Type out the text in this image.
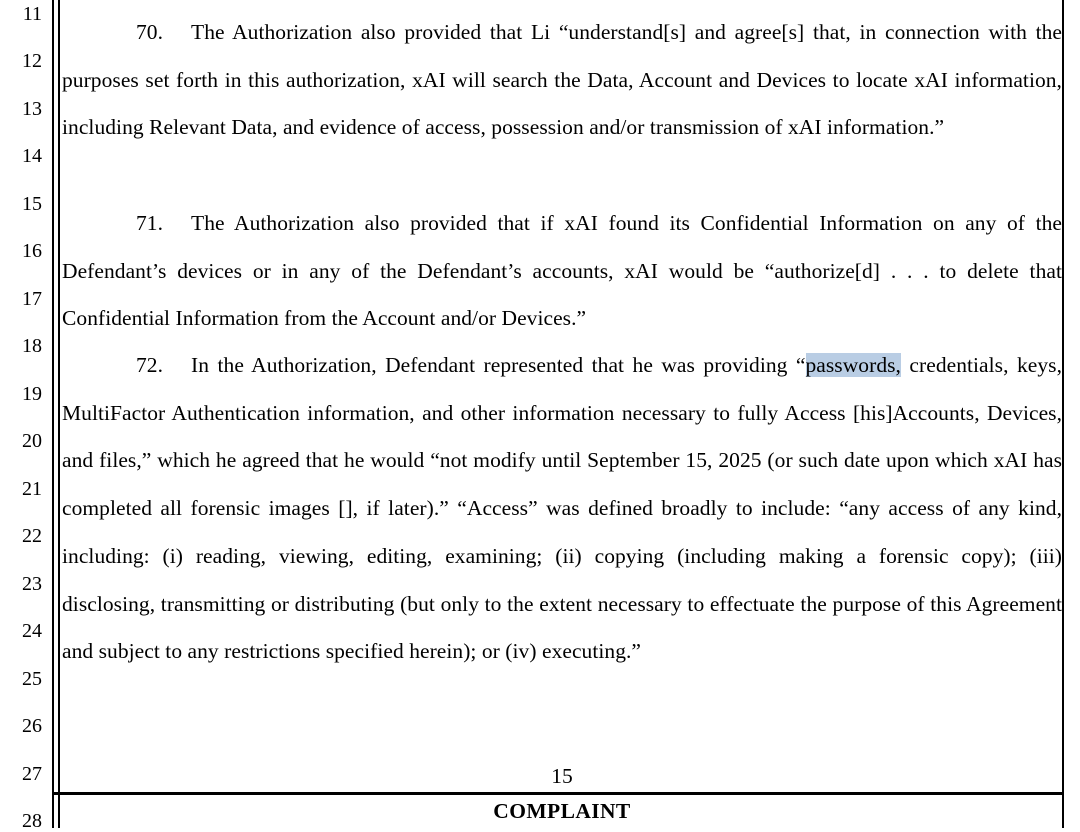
11
12
13
14
15
16
17
18
19
20
21
22
23
24
25
26
27
28

70. The Authorization also provided that Li “understand[s] and agree[s] that, in connection with the purposes set forth in this authorization, xAI will search the Data, Account and Devices to locate xAI information, including Relevant Data, and evidence of access, possession and/or transmission of xAI information.”

71. The Authorization also provided that if xAI found its Confidential Information on any of the Defendant’s devices or in any of the Defendant’s accounts, xAI would be “authorize[d] . . . to delete that Confidential Information from the Account and/or Devices.”

72. In the Authorization, Defendant represented that he was providing “passwords, credentials, keys, MultiFactor Authentication information, and other information necessary to fully Access [his]Accounts, Devices, and files,” which he agreed that he would “not modify until September 15, 2025 (or such date upon which xAI has completed all forensic images [], if later).” “Access” was defined broadly to include: “any access of any kind, including: (i) reading, viewing, editing, examining; (ii) copying (including making a forensic copy); (iii) disclosing, transmitting or distributing (but only to the extent necessary to effectuate the purpose of this Agreement and subject to any restrictions specified herein); or (iv) executing.”

15
COMPLAINT
